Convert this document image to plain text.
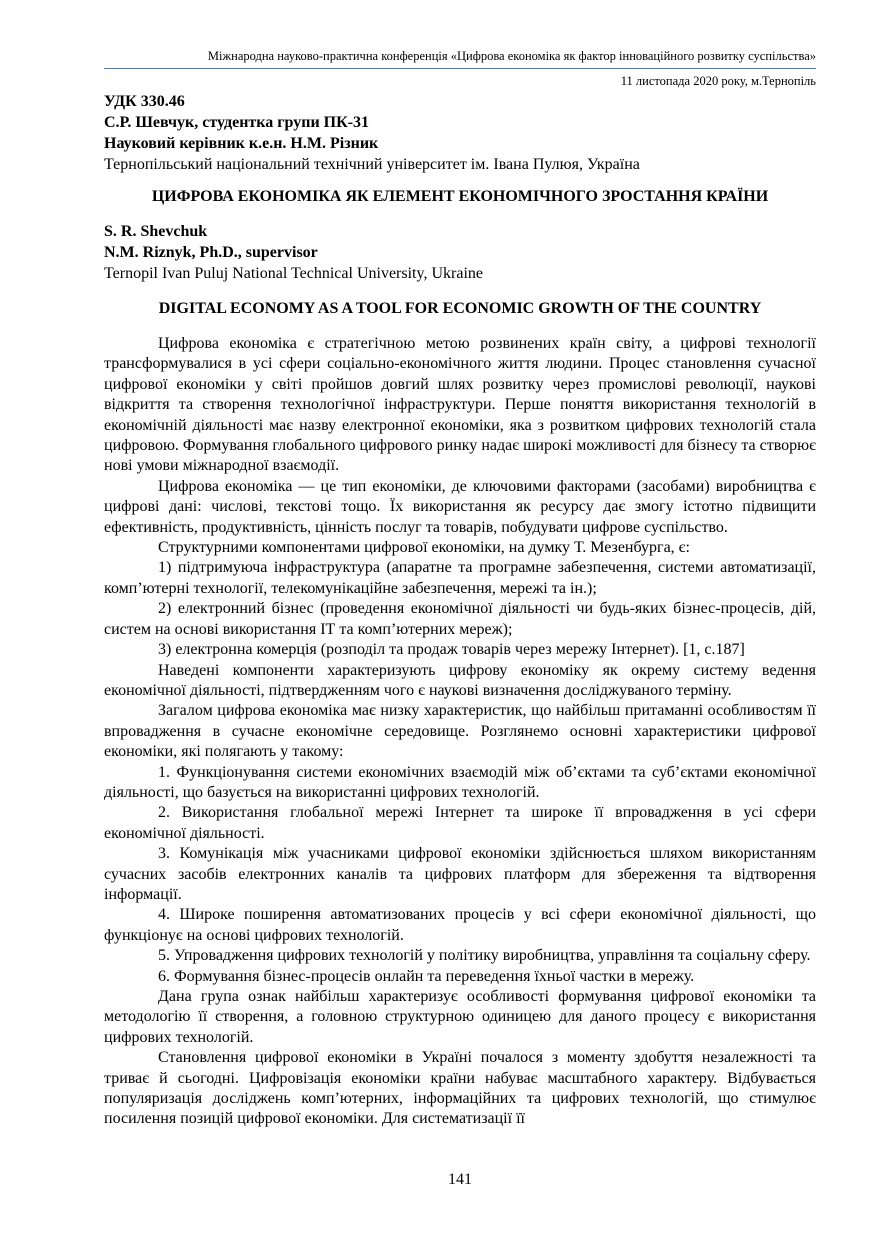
Міжнародна науково-практична конференція «Цифрова економіка як фактор інноваційного розвитку суспільства»
11 листопада 2020 року, м.Тернопіль
УДК 330.46
С.Р. Шевчук, студентка групи ПК-31
Науковий керівник к.е.н. Н.М. Різник
Тернопільський національний технічний університет ім. Івана Пулюя, Україна
ЦИФРОВА ЕКОНОМІКА ЯК ЕЛЕМЕНТ ЕКОНОМІЧНОГО ЗРОСТАННЯ КРАЇНИ
S. R. Shevchuk
N.M. Riznyk, Ph.D., supervisor
Ternopil Ivan Puluj National Technical University, Ukraine
DIGITAL ECONOMY AS A TOOL FOR ECONOMIC GROWTH OF THE COUNTRY

Цифрова економіка є стратегічною метою розвинених країн світу, а цифрові технології трансформувалися в усі сфери соціально-економічного життя людини. Процес становлення сучасної цифрової економіки у світі пройшов довгий шлях розвитку через промислові революції, наукові відкриття та створення технологічної інфраструктури. Перше поняття використання технологій в економічній діяльності має назву електронної економіки, яка з розвитком цифрових технологій стала цифровою. Формування глобального цифрового ринку надає широкі можливості для бізнесу та створює нові умови міжнародної взаємодії.

Цифрова економіка — це тип економіки, де ключовими факторами (засобами) виробництва є цифрові дані: числові, текстові тощо. Їх використання як ресурсу дає змогу істотно підвищити ефективність, продуктивність, цінність послуг та товарів, побудувати цифрове суспільство.

Структурними компонентами цифрової економіки, на думку Т. Мезенбурга, є:

1) підтримуюча інфраструктура (апаратне та програмне забезпечення, системи автоматизації, комп’ютерні технології, телекомунікаційне забезпечення, мережі та ін.);

2) електронний бізнес (проведення економічної діяльності чи будь-яких бізнес-процесів, дій, систем на основі використання ІТ та комп’ютерних мереж);

3) електронна комерція (розподіл та продаж товарів через мережу Інтернет). [1, с.187]

Наведені компоненти характеризують цифрову економіку як окрему систему ведення економічної діяльності, підтвердженням чого є наукові визначення досліджуваного терміну.

Загалом цифрова економіка має низку характеристик, що найбільш притаманні особливостям її впровадження в сучасне економічне середовище. Розглянемо основні характеристики цифрової економіки, які полягають у такому:

1. Функціонування системи економічних взаємодій між об’єктами та суб’єктами економічної діяльності, що базується на використанні цифрових технологій.

2. Використання глобальної мережі Інтернет та широке її впровадження в усі сфери економічної діяльності.

3. Комунікація між учасниками цифрової економіки здійснюється шляхом використанням сучасних засобів електронних каналів та цифрових платформ для збереження та відтворення інформації.

4. Широке поширення автоматизованих процесів у всі сфери економічної діяльності, що функціонує на основі цифрових технологій.

5. Упровадження цифрових технологій у політику виробництва, управління та соціальну сферу.

6. Формування бізнес-процесів онлайн та переведення їхньої частки в мережу.

Дана група ознак найбільш характеризує особливості формування цифрової економіки та методологію її створення, а головною структурною одиницею для даного процесу є використання цифрових технологій.

Становлення цифрової економіки в Україні почалося з моменту здобуття незалежності та триває й сьогодні. Цифровізація економіки країни набуває масштабного характеру. Відбувається популяризація досліджень комп’ютерних, інформаційних та цифрових технологій, що стимулює посилення позицій цифрової економіки. Для систематизації її

141
